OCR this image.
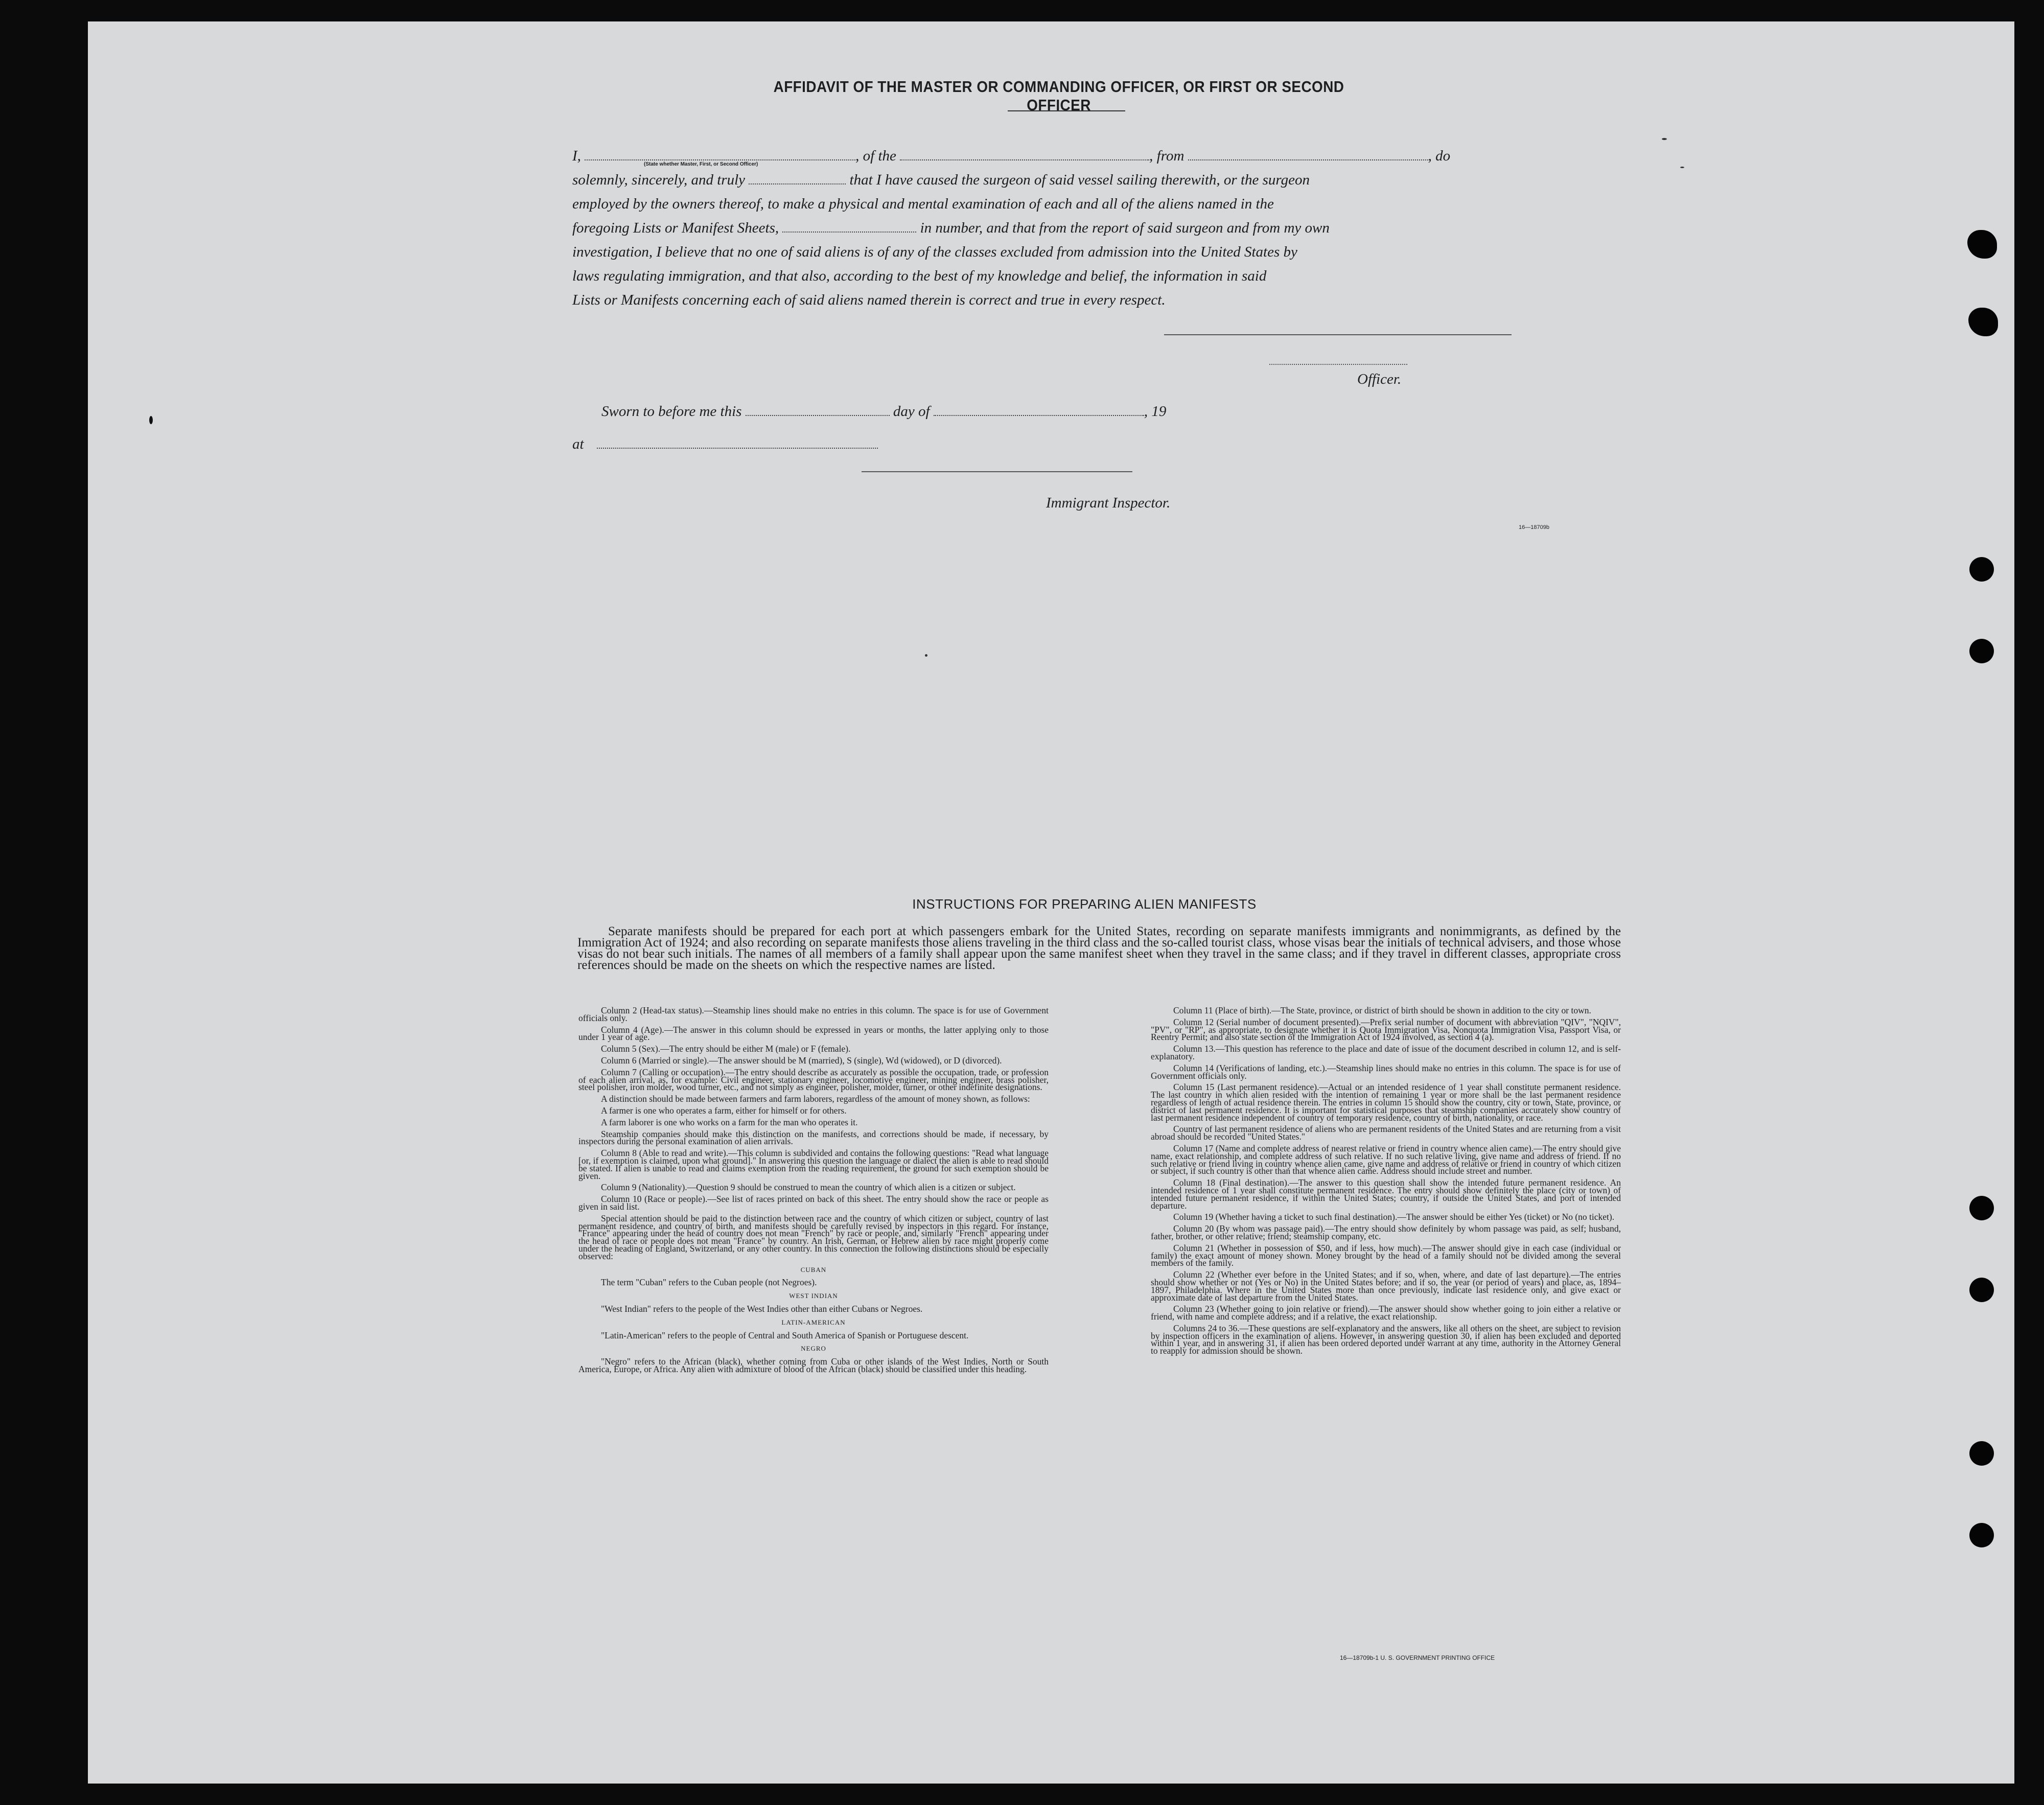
AFFIDAVIT OF THE MASTER OR COMMANDING OFFICER, OR FIRST OR SECOND OFFICER
I,	, of the	, from	, do
(State whether Master, First, or Second Officer)
solemnly, sincerely, and truly	that I have caused the surgeon of said vessel sailing therewith, or the surgeon
employed by the owners thereof, to make a physical and mental examination of each and all of the aliens named in the
foregoing Lists or Manifest Sheets,	in number, and that from the report of said surgeon and from my own
investigation, I believe that no one of said aliens is of any of the classes excluded from admission into the United States by
laws regulating immigration, and that also, according to the best of my knowledge and belief, the information in said
Lists or Manifests concerning each of said aliens named therein is correct and true in every respect.
Officer.
Sworn to before me this	day of	, 19
at
Immigrant Inspector.
16—18709b
INSTRUCTIONS FOR PREPARING ALIEN MANIFESTS
Separate manifests should be prepared for each port at which passengers embark for the United States, recording on separate manifests immigrants and nonimmigrants, as defined by the Immigration Act of 1924; and also recording on separate manifests those aliens traveling in the third class and the so-called tourist class, whose visas bear the initials of technical advisers, and those whose visas do not bear such initials. The names of all members of a family shall appear upon the same manifest sheet when they travel in the same class; and if they travel in different classes, appropriate cross references should be made on the sheets on which the respective names are listed.

Column 2 (Head-tax status).—Steamship lines should make no entries in this column. The space is for use of Government officials only.

Column 4 (Age).—The answer in this column should be expressed in years or months, the latter applying only to those under 1 year of age.

Column 5 (Sex).—The entry should be either M (male) or F (female).

Column 6 (Married or single).—The answer should be M (married), S (single), Wd (widowed), or D (divorced).

Column 7 (Calling or occupation).—The entry should describe as accurately as possible the occupation, trade, or profession of each alien arrival, as, for example: Civil engineer, stationary engineer, locomotive engineer, mining engineer, brass polisher, steel polisher, iron molder, wood turner, etc., and not simply as engineer, polisher, molder, turner, or other indefinite designations.

A distinction should be made between farmers and farm laborers, regardless of the amount of money shown, as follows:

A farmer is one who operates a farm, either for himself or for others.

A farm laborer is one who works on a farm for the man who operates it.

Steamship companies should make this distinction on the manifests, and corrections should be made, if necessary, by inspectors during the personal examination of alien arrivals.

Column 8 (Able to read and write).—This column is subdivided and contains the following questions: "Read what language [or, if exemption is claimed, upon what ground]." In answering this question the language or dialect the alien is able to read should be stated. If alien is unable to read and claims exemption from the reading requirement, the ground for such exemption should be given.

Column 9 (Nationality).—Question 9 should be construed to mean the country of which alien is a citizen or subject.

Column 10 (Race or people).—See list of races printed on back of this sheet. The entry should show the race or people as given in said list.

Special attention should be paid to the distinction between race and the country of which citizen or subject, country of last permanent residence, and country of birth, and manifests should be carefully revised by inspectors in this regard. For instance, "France" appearing under the head of country does not mean "French" by race or people, and, similarly "French" appearing under the head of race or people does not mean "France" by country. An Irish, German, or Hebrew alien by race might properly come under the heading of England, Switzerland, or any other country. In this connection the following distinctions should be especially observed:

CUBAN

The term "Cuban" refers to the Cuban people (not Negroes).

WEST INDIAN

"West Indian" refers to the people of the West Indies other than either Cubans or Negroes.

LATIN-AMERICAN

"Latin-American" refers to the people of Central and South America of Spanish or Portuguese descent.

NEGRO

"Negro" refers to the African (black), whether coming from Cuba or other islands of the West Indies, North or South America, Europe, or Africa. Any alien with admixture of blood of the African (black) should be classified under this heading.

Column 11 (Place of birth).—The State, province, or district of birth should be shown in addition to the city or town.

Column 12 (Serial number of document presented).—Prefix serial number of document with abbreviation "QIV", "NQIV", "PV", or "RP", as appropriate, to designate whether it is Quota Immigration Visa, Nonquota Immigration Visa, Passport Visa, or Reentry Permit; and also state section of the Immigration Act of 1924 involved, as section 4 (a).

Column 13.—This question has reference to the place and date of issue of the document described in column 12, and is self-explanatory.

Column 14 (Verifications of landing, etc.).—Steamship lines should make no entries in this column. The space is for use of Government officials only.

Column 15 (Last permanent residence).—Actual or an intended residence of 1 year shall constitute permanent residence. The last country in which alien resided with the intention of remaining 1 year or more shall be the last permanent residence regardless of length of actual residence therein. The entries in column 15 should show the country, city or town, State, province, or district of last permanent residence. It is important for statistical purposes that steamship companies accurately show country of last permanent residence independent of country of temporary residence, country of birth, nationality, or race.

Country of last permanent residence of aliens who are permanent residents of the United States and are returning from a visit abroad should be recorded "United States."

Column 17 (Name and complete address of nearest relative or friend in country whence alien came).—The entry should give name, exact relationship, and complete address of such relative. If no such relative living, give name and address of friend. If no such relative or friend living in country whence alien came, give name and address of relative or friend in country of which citizen or subject, if such country is other than that whence alien came. Address should include street and number.

Column 18 (Final destination).—The answer to this question shall show the intended future permanent residence. An intended residence of 1 year shall constitute permanent residence. The entry should show definitely the place (city or town) of intended future permanent residence, if within the United States; country, if outside the United States, and port of intended departure.

Column 19 (Whether having a ticket to such final destination).—The answer should be either Yes (ticket) or No (no ticket).

Column 20 (By whom was passage paid).—The entry should show definitely by whom passage was paid, as self; husband, father, brother, or other relative; friend; steamship company, etc.

Column 21 (Whether in possession of $50, and if less, how much).—The answer should give in each case (individual or family) the exact amount of money shown. Money brought by the head of a family should not be divided among the several members of the family.

Column 22 (Whether ever before in the United States; and if so, when, where, and date of last departure).—The entries should show whether or not (Yes or No) in the United States before; and if so, the year (or period of years) and place, as, 1894–1897, Philadelphia. Where in the United States more than once previously, indicate last residence only, and give exact or approximate date of last departure from the United States.

Column 23 (Whether going to join relative or friend).—The answer should show whether going to join either a relative or friend, with name and complete address; and if a relative, the exact relationship.

Columns 24 to 36.—These questions are self-explanatory and the answers, like all others on the sheet, are subject to revision by inspection officers in the examination of aliens. However, in answering question 30, if alien has been excluded and deported within 1 year, and in answering 31, if alien has been ordered deported under warrant at any time, authority in the Attorney General to reapply for admission should be shown.

16—18709b-1 U. S. GOVERNMENT PRINTING OFFICE
